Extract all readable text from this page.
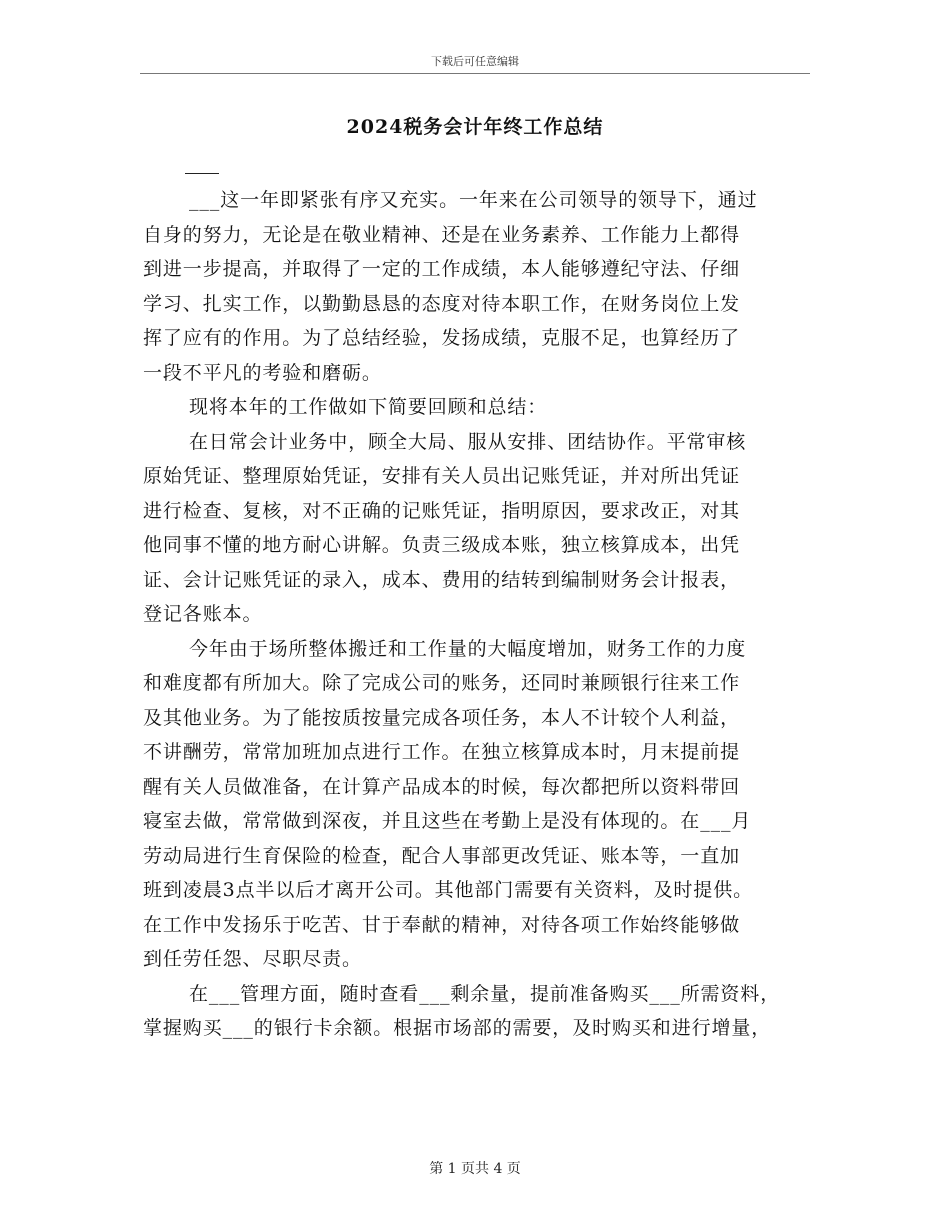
下载后可任意编辑
2024税务会计年终工作总结
___这一年即紧张有序又充实。一年来在公司领导的领导下，通过
自身的努力，无论是在敬业精神、还是在业务素养、工作能力上都得
到进一步提高，并取得了一定的工作成绩，本人能够遵纪守法、仔细
学习、扎实工作，以勤勤恳恳的态度对待本职工作，在财务岗位上发
挥了应有的作用。为了总结经验，发扬成绩，克服不足，也算经历了
一段不平凡的考验和磨砺。
现将本年的工作做如下简要回顾和总结：
在日常会计业务中，顾全大局、服从安排、团结协作。平常审核
原始凭证、整理原始凭证，安排有关人员出记账凭证，并对所出凭证
进行检查、复核，对不正确的记账凭证，指明原因，要求改正，对其
他同事不懂的地方耐心讲解。负责三级成本账，独立核算成本，出凭
证、会计记账凭证的录入，成本、费用的结转到编制财务会计报表，
登记各账本。
今年由于场所整体搬迁和工作量的大幅度增加，财务工作的力度
和难度都有所加大。除了完成公司的账务，还同时兼顾银行往来工作
及其他业务。为了能按质按量完成各项任务，本人不计较个人利益，
不讲酬劳，常常加班加点进行工作。在独立核算成本时，月末提前提
醒有关人员做准备，在计算产品成本的时候，每次都把所以资料带回
寝室去做，常常做到深夜，并且这些在考勤上是没有体现的。在___月
劳动局进行生育保险的检查，配合人事部更改凭证、账本等，一直加
班到凌晨3点半以后才离开公司。其他部门需要有关资料，及时提供。
在工作中发扬乐于吃苦、甘于奉献的精神，对待各项工作始终能够做
到任劳任怨、尽职尽责。
在___管理方面，随时查看___剩余量，提前准备购买___所需资料，
掌握购买___的银行卡余额。根据市场部的需要，及时购买和进行增量，
第 1 页共 4 页
